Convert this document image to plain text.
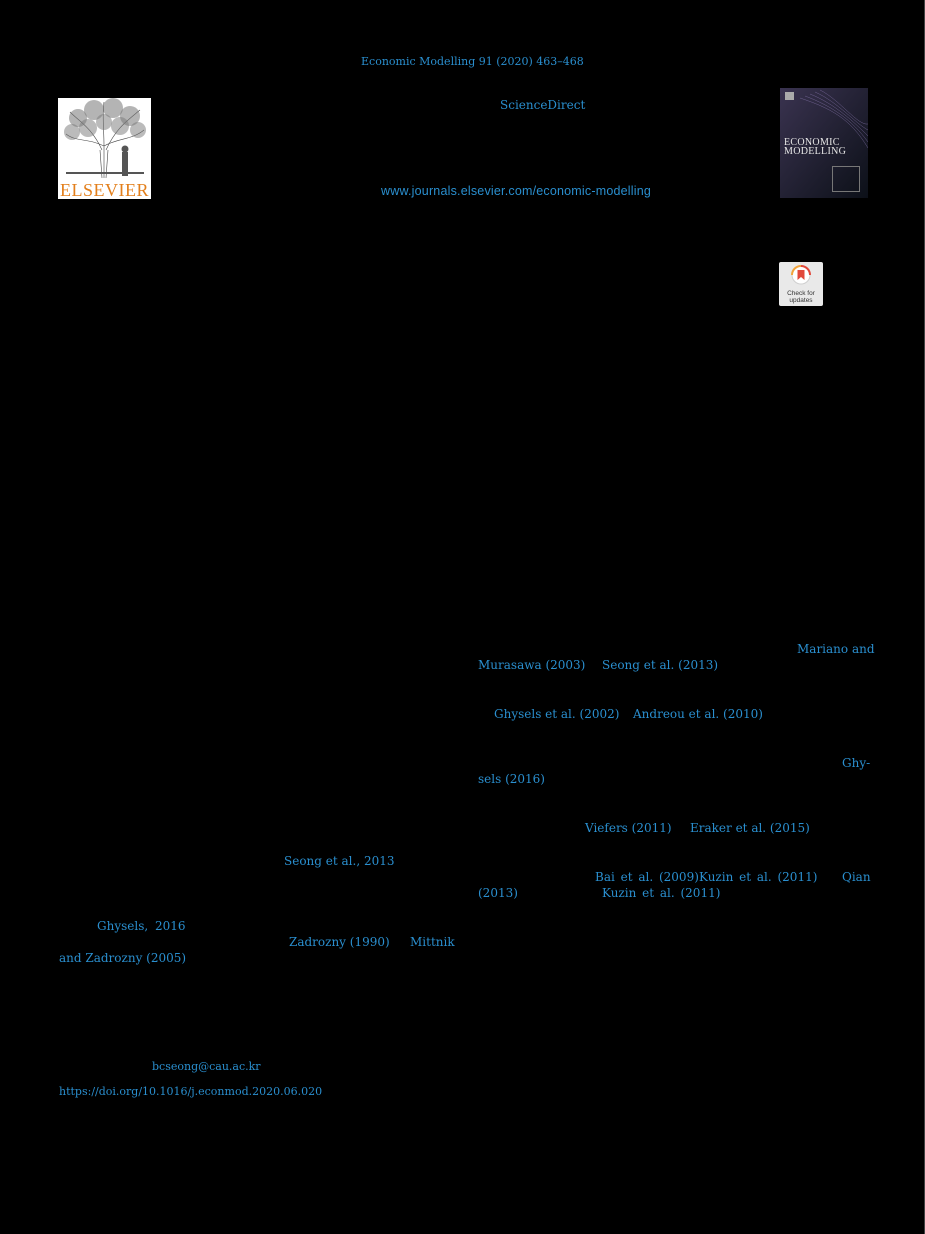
Economic Modelling 91 (2020) 463–468
ScienceDirect
www.journals.elsevier.com/economic-modelling
ELSEVIER
ECONOMIC
MODELLING
Check for
updates
Mariano and
Murasawa (2003) Seong et al. (2013)
Ghysels et al. (2002) Andreou et al. (2010)
Ghy-
sels (2016)
Viefers (2011) Eraker et al. (2015)
Bai et al. (2009) Kuzin et al. (2011) Qian
(2013)	Kuzin et al. (2011)
Seong et al., 2013
Ghysels, 2016
Zadrozny (1990) Mittnik
and Zadrozny (2005)
bcseong@cau.ac.kr
https://doi.org/10.1016/j.econmod.2020.06.020
